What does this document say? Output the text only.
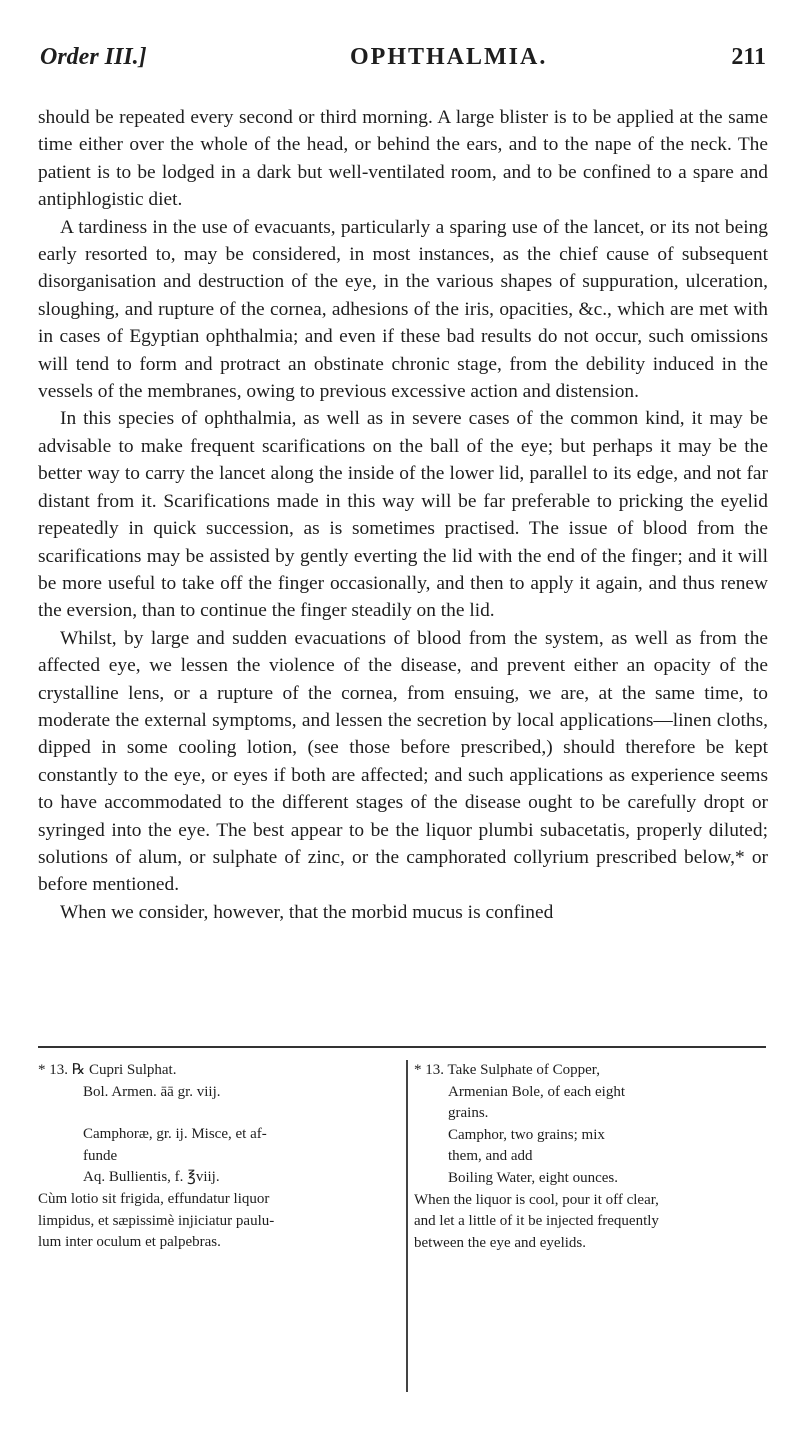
Order III.]	OPHTHALMIA.	211

should be repeated every second or third morning. A large blister is to be applied at the same time either over the whole of the head, or behind the ears, and to the nape of the neck. The patient is to be lodged in a dark but well-ventilated room, and to be confined to a spare and antiphlogistic diet.

A tardiness in the use of evacuants, particularly a sparing use of the lancet, or its not being early resorted to, may be considered, in most instances, as the chief cause of subsequent disorganisation and destruction of the eye, in the various shapes of suppuration, ulceration, sloughing, and rupture of the cornea, adhesions of the iris, opacities, &c., which are met with in cases of Egyptian ophthalmia; and even if these bad results do not occur, such omissions will tend to form and protract an obstinate chronic stage, from the debility induced in the vessels of the membranes, owing to previous excessive action and distension.

In this species of ophthalmia, as well as in severe cases of the common kind, it may be advisable to make frequent scarifications on the ball of the eye; but perhaps it may be the better way to carry the lancet along the inside of the lower lid, parallel to its edge, and not far distant from it. Scarifications made in this way will be far preferable to pricking the eyelid repeatedly in quick succession, as is sometimes practised. The issue of blood from the scarifications may be assisted by gently everting the lid with the end of the finger; and it will be more useful to take off the finger occasionally, and then to apply it again, and thus renew the eversion, than to continue the finger steadily on the lid.

Whilst, by large and sudden evacuations of blood from the system, as well as from the affected eye, we lessen the violence of the disease, and prevent either an opacity of the crystalline lens, or a rupture of the cornea, from ensuing, we are, at the same time, to moderate the external symptoms, and lessen the secretion by local applications—linen cloths, dipped in some cooling lotion, (see those before prescribed,) should therefore be kept constantly to the eye, or eyes if both are affected; and such applications as experience seems to have accommodated to the different stages of the disease ought to be carefully dropt or syringed into the eye. The best appear to be the liquor plumbi subacetatis, properly diluted; solutions of alum, or sulphate of zinc, or the camphorated collyrium prescribed below,* or before mentioned.

When we consider, however, that the morbid mucus is confined

* 13. ℞ Cupri Sulphat.
Bol. Armen. āā gr. viij.
Camphoræ, gr. ij. Misce, et af-
funde
Aq. Bullientis, f. ℥viij.
Cùm lotio sit frigida, effundatur liquor
limpidus, et sæpissimè injiciatur paulu-
lum inter oculum et palpebras.
* 13. Take Sulphate of Copper,
Armenian Bole, of each eight
grains.
Camphor, two grains; mix
them, and add
Boiling Water, eight ounces.
When the liquor is cool, pour it off clear,
and let a little of it be injected frequently
between the eye and eyelids.
